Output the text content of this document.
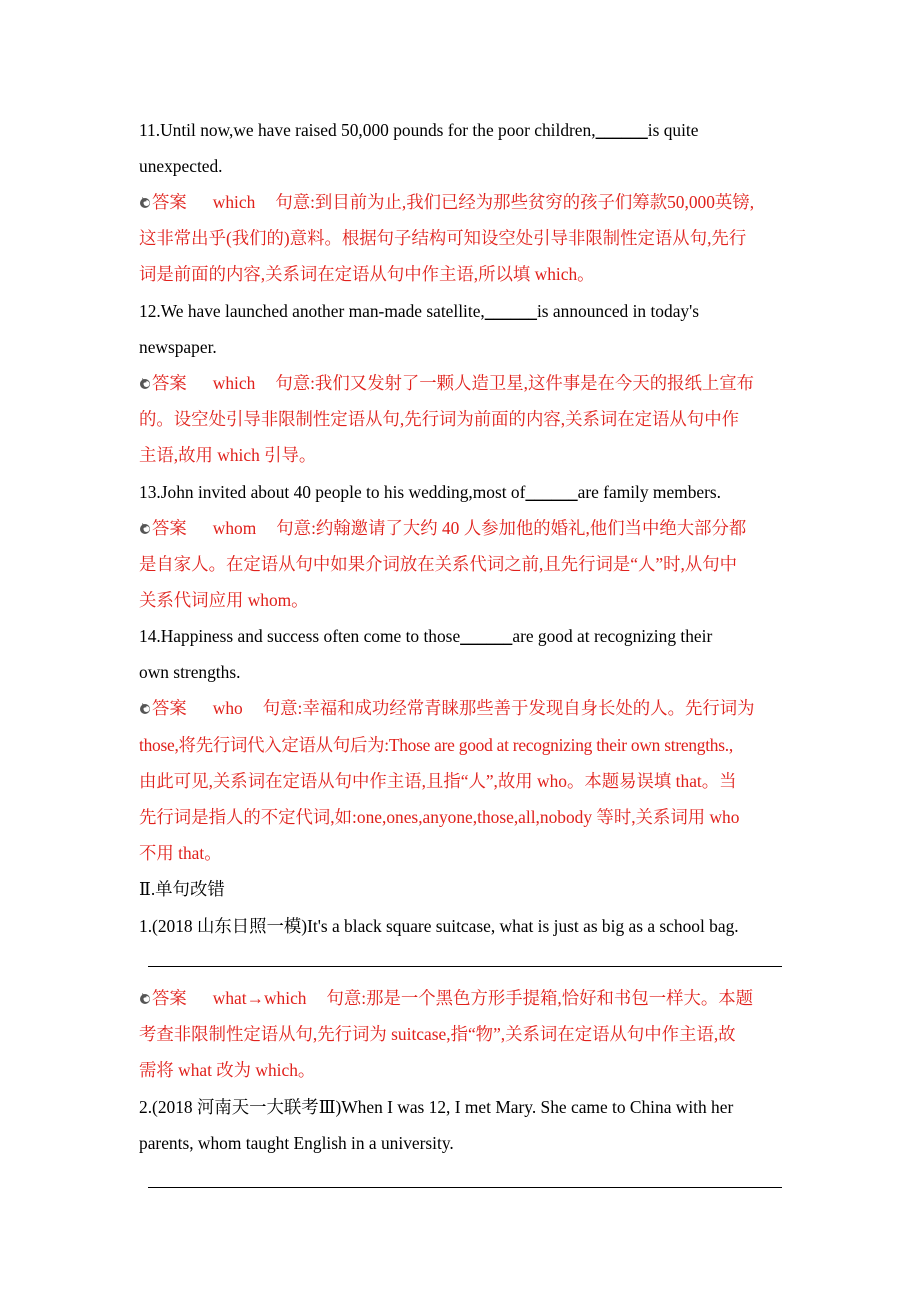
11.Until now,we have raised 50,000 pounds for the poor children,______is quite
unexpected.
答案 which 句意:到目前为止,我们已经为那些贫穷的孩子们筹款50,000英镑,
这非常出乎(我们的)意料。根据句子结构可知设空处引导非限制性定语从句,先行
词是前面的内容,关系词在定语从句中作主语,所以填 which。
12.We have launched another man-made satellite,______is announced in today's
newspaper.
答案 which 句意:我们又发射了一颗人造卫星,这件事是在今天的报纸上宣布
的。设空处引导非限制性定语从句,先行词为前面的内容,关系词在定语从句中作
主语,故用 which 引导。
13.John invited about 40 people to his wedding,most of______are family members.
答案 whom 句意:约翰邀请了大约 40 人参加他的婚礼,他们当中绝大部分都
是自家人。在定语从句中如果介词放在关系代词之前,且先行词是“人”时,从句中
关系代词应用 whom。
14.Happiness and success often come to those______are good at recognizing their
own strengths.
答案 who 句意:幸福和成功经常青睐那些善于发现自身长处的人。先行词为
those,将先行词代入定语从句后为:Those are good at recognizing their own strengths.,
由此可见,关系词在定语从句中作主语,且指“人”,故用 who。本题易误填 that。当
先行词是指人的不定代词,如:one,ones,anyone,those,all,nobody 等时,关系词用 who
不用 that。
Ⅱ.单句改错
1.(2018 山东日照一模)It's a black square suitcase, what is just as big as a school bag.
答案 what→which 句意:那是一个黑色方形手提箱,恰好和书包一样大。本题
考查非限制性定语从句,先行词为 suitcase,指“物”,关系词在定语从句中作主语,故
需将 what 改为 which。
2.(2018 河南天一大联考Ⅲ)When I was 12, I met Mary. She came to China with her
parents, whom taught English in a university.
